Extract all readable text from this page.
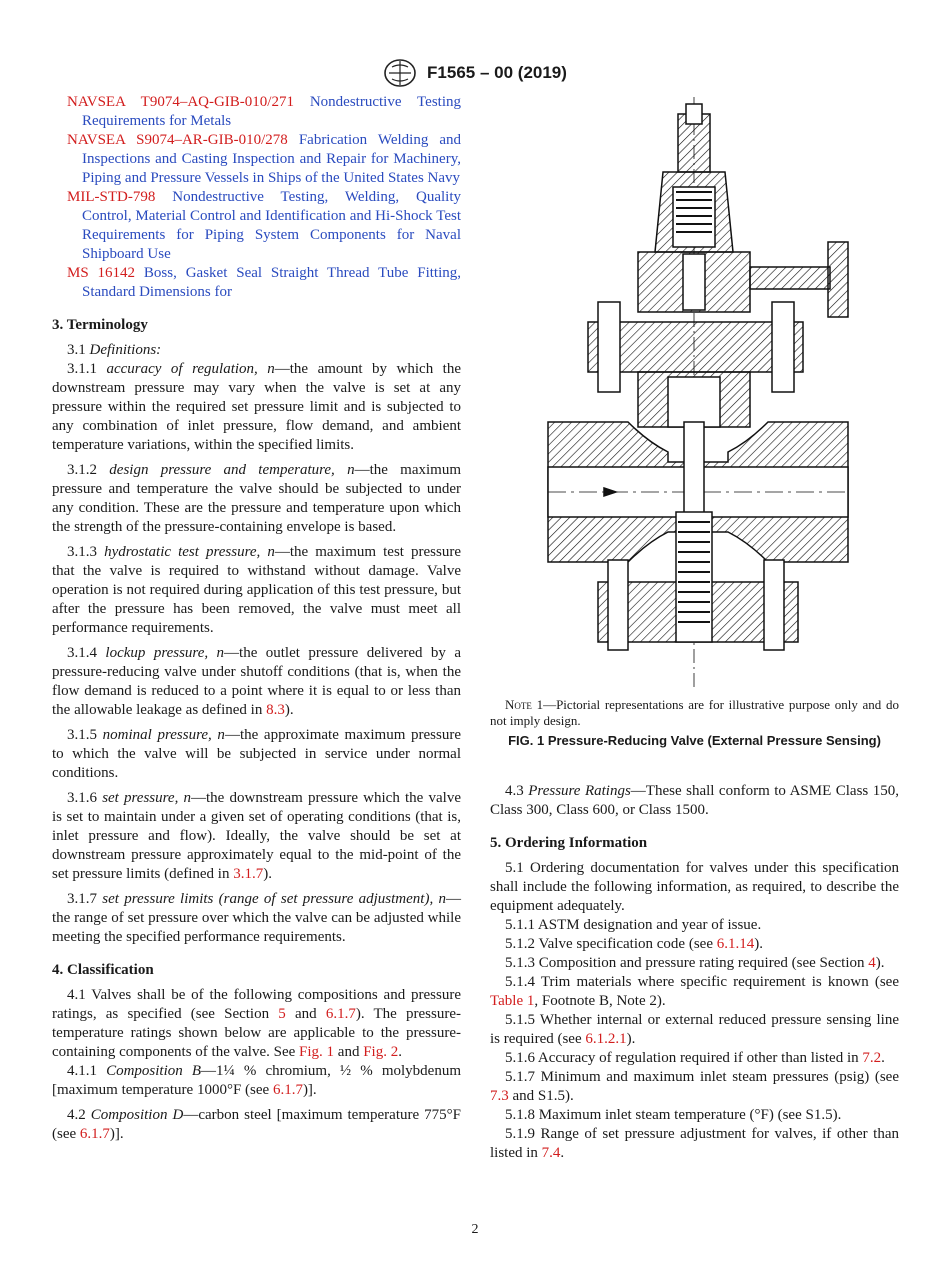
F1565 – 00 (2019)

NAVSEA T9074–AQ-GIB-010/271 Nondestructive Testing Requirements for Metals

NAVSEA S9074–AR-GIB-010/278 Fabrication Welding and Inspections and Casting Inspection and Repair for Machinery, Piping and Pressure Vessels in Ships of the United States Navy

MIL-STD-798 Nondestructive Testing, Welding, Quality Control, Material Control and Identification and Hi-Shock Test Requirements for Piping System Components for Naval Shipboard Use

MS 16142 Boss, Gasket Seal Straight Thread Tube Fitting, Standard Dimensions for

3. Terminology

3.1 Definitions:

3.1.1 accuracy of regulation, n—the amount by which the downstream pressure may vary when the valve is set at any pressure within the required set pressure limit and is subjected to any combination of inlet pressure, flow demand, and ambient temperature variations, within the specified limits.

3.1.2 design pressure and temperature, n—the maximum pressure and temperature the valve should be subjected to under any condition. These are the pressure and temperature upon which the strength of the pressure-containing envelope is based.

3.1.3 hydrostatic test pressure, n—the maximum test pressure that the valve is required to withstand without damage. Valve operation is not required during application of this test pressure, but after the pressure has been removed, the valve must meet all performance requirements.

3.1.4 lockup pressure, n—the outlet pressure delivered by a pressure-reducing valve under shutoff conditions (that is, when the flow demand is reduced to a point where it is equal to or less than the allowable leakage as defined in 8.3).

3.1.5 nominal pressure, n—the approximate maximum pressure to which the valve will be subjected in service under normal conditions.

3.1.6 set pressure, n—the downstream pressure which the valve is set to maintain under a given set of operating conditions (that is, inlet pressure and flow). Ideally, the valve should be set at downstream pressure approximately equal to the mid-point of the set pressure limits (defined in 3.1.7).

3.1.7 set pressure limits (range of set pressure adjustment), n—the range of set pressure over which the valve can be adjusted while meeting the specified performance requirements.

4. Classification

4.1 Valves shall be of the following compositions and pressure ratings, as specified (see Section 5 and 6.1.7). The pressure-temperature ratings shown below are applicable to the pressure-containing components of the valve. See Fig. 1 and Fig. 2.

4.1.1 Composition B—1¼ % chromium, ½ % molybdenum [maximum temperature 1000°F (see 6.1.7)].

4.2 Composition D—carbon steel [maximum temperature 775°F (see 6.1.7)].

Note 1—Pictorial representations are for illustrative purpose only and do not imply design.

FIG. 1 Pressure-Reducing Valve (External Pressure Sensing)

4.3 Pressure Ratings—These shall conform to ASME Class 150, Class 300, Class 600, or Class 1500.

5. Ordering Information

5.1 Ordering documentation for valves under this specification shall include the following information, as required, to describe the equipment adequately.

5.1.1 ASTM designation and year of issue.

5.1.2 Valve specification code (see 6.1.14).

5.1.3 Composition and pressure rating required (see Section 4).

5.1.4 Trim materials where specific requirement is known (see Table 1, Footnote B, Note 2).

5.1.5 Whether internal or external reduced pressure sensing line is required (see 6.1.2.1).

5.1.6 Accuracy of regulation required if other than listed in 7.2.

5.1.7 Minimum and maximum inlet steam pressures (psig) (see 7.3 and S1.5).

5.1.8 Maximum inlet steam temperature (°F) (see S1.5).

5.1.9 Range of set pressure adjustment for valves, if other than listed in 7.4.

2
